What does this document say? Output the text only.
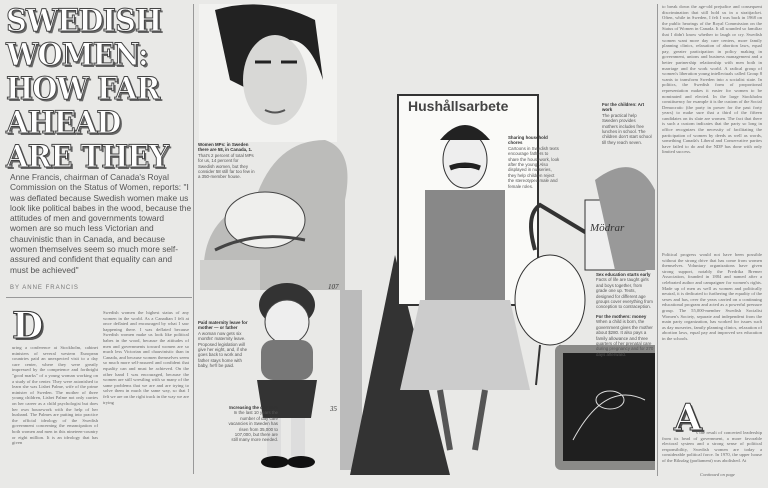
SWEDISH WOMEN: HOW FAR AHEAD ARE THEY
Anne Francis, chairman of Canada's Royal Commission on the Status of Women, reports: "I was deflated because Swedish women make us look like political babes in the wood, because the attitudes of men and governments toward women are so much less Victorian and chauvinistic than in Canada, and because women themselves seem so much more self-assured and confident that equality can and must be achieved"
BY ANNE FRANCIS
D
uring a conference at Stockholm, cabinet ministers of several western European countries paid an unexpected visit to a day care center, where they were greatly impressed by the competence and forthright "good marks" of a young woman working on a study of the center. They were astonished to learn she was Lisbet Palme, wife of the prime minister of Sweden. The mother of three young children, Lisbet Palme not only carries on her career as a child psychologist but does her own housework with the help of her husband. The Palmes are putting into practice the official ideology of the Swedish government concerning the emancipation of both women and men in this nineteen-country or eight million. It is an ideology that has given
Swedish women the highest status of any women in the world. As a Canadian I felt at once deflated and encouraged by what I saw happening there. I was deflated because Swedish women make us look like political babes in the wood, because the attitudes of men and governments toward women are so much less Victorian and chauvinistic than in Canada, and because women themselves seem so much more self-assured and confident that equality can and must be achieved. On the other hand I was encouraged, because the women are still wrestling with so many of the same problems that we are and are trying to solve them in much the same way, so that I felt we are on the right track in the way we are trying
Hushållsarbete
Mödrar
107
35
Women MPs: in Sweden there are 58, in Canada, 1.
That's 2 percent of total MPs for us, 14 percent for Swedish women, but they consider 58 still far too few in a 350-member house.
Paid maternity leave for mother — or father
A woman now gets six months' maternity leave. Proposed legislation will give her eight, and, if she goes back to work and father stays home with baby, he'll be paid.
Increasing the day care
In the last 10 years the number of day care vacancies in Sweden has risen from 35,000 to 107,000, but there are still many more needed.
Sharing household chores
Cartoons in Swedish texts encourage fathers to share the housework, look after the young. Also displayed in nurseries, they help children reject the stereotyped male and female roles.
For the children: Art work
The practical help Sweden provides mothers includes free lunches in school. The children don't start school till they reach seven.
Sex education starts early
Facts of life are taught girls and boys together, from grade one up. Texts, designed for different age groups cover everything from conception to contraception.
For the mothers: money
When a child is born, the government gives the mother about $280. It also pays a family allowance and three quarters of her prenatal care during pregnancy and for 270 days afterward.
to break down the age-old prejudice and consequent discrimination that still hold us in a straitjacket. Often, while in Sweden, I felt I was back in 1968 on the public hearings of the Royal Commission on the Status of Women in Canada. It all sounded so familiar that I didn't know whether to laugh or cry. Swedish women want more day care centers, more family planning clinics, relaxation of abortion laws, equal pay, greater participation in policy making in government, unions and business management and a better partnership relationship with men both in marriage and the work world. A radical group of women's liberation young intellectuals called Group 8 wants to transform Sweden into a socialist state. In politics, the Swedish form of proportional representation makes it easier for women to be nominated and elected. In the large Stockholm constituency for example it is the custom of the Social Democratic (the party in power for the past forty years) to make sure that a third of the fifteen candidates on its slate are women. The fact that there is such a custom indicates that the party so long in office recognizes the necessity of facilitating the participation of women by deeds as well as words, something Canada's Liberal and Conservative parties have failed to do and the NDP has done with only limited success.
Political progress would not have been possible without the strong drive that has come from women themselves. Voluntary organizations have given strong support, notably the Fredrika Bremer Association, founded in 1884 and named after a celebrated author and campaigner for women's rights. Made up of men as well as women and politically neutral, it is dedicated to furthering the equality of the sexes and has, over the years carried on a continuing educational program and acted as a powerful pressure group. The 55,000-member Swedish Socialist Women's Society, separate and independent from the main party organization, has worked for issues such as day nurseries, family planning clinics, relaxation of abortion laws, equal pay and improved sex education in the schools.
A
s the result of concerted leadership from its head of government, a more favorable electoral system and a strong sense of political responsibility, Swedish women are today a considerable political force. In 1970, the upper house of the Riksdag (parliament) was abolished. At
Continued on page
